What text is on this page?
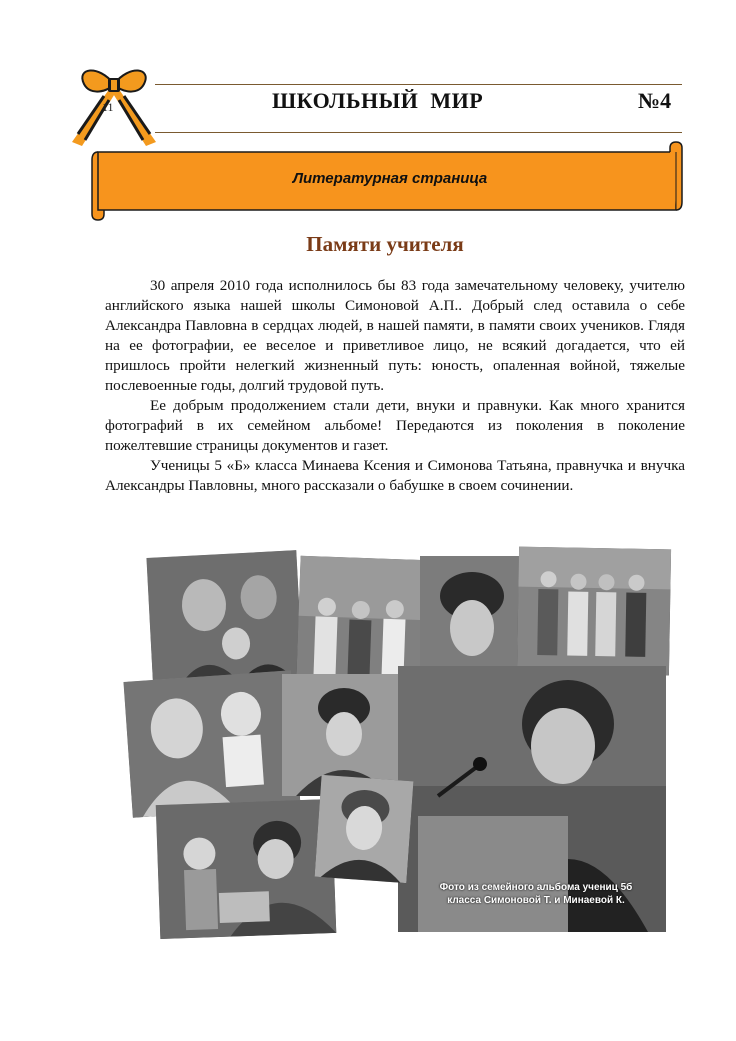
11	ШКОЛЬНЫЙ  МИР	№4
Литературная страница
Памяти учителя

30 апреля 2010 года исполнилось бы 83 года замечательному человеку, учителю английского языка нашей школы Симоновой А.П.. Добрый след оставила о себе Александра Павловна в сердцах людей, в нашей памяти, в памяти своих учеников. Глядя на ее фотографии, ее веселое и приветливое лицо, не всякий догадается, что ей пришлось пройти нелегкий жизненный путь: юность, опаленная войной, тяжелые послевоенные годы, долгий трудовой путь.

Ее добрым продолжением стали дети, внуки и правнуки. Как много хранится фотографий в их семейном альбоме! Передаются из поколения в поколение пожелтевшие страницы документов и газет.

Ученицы 5 «Б» класса Минаева Ксения и Симонова Татьяна, правнучка и внучка Александры Павловны, много рассказали о бабушке в своем сочинении.

Фото из семейного альбома учениц 5б
класса Симоновой Т. и Минаевой К.
